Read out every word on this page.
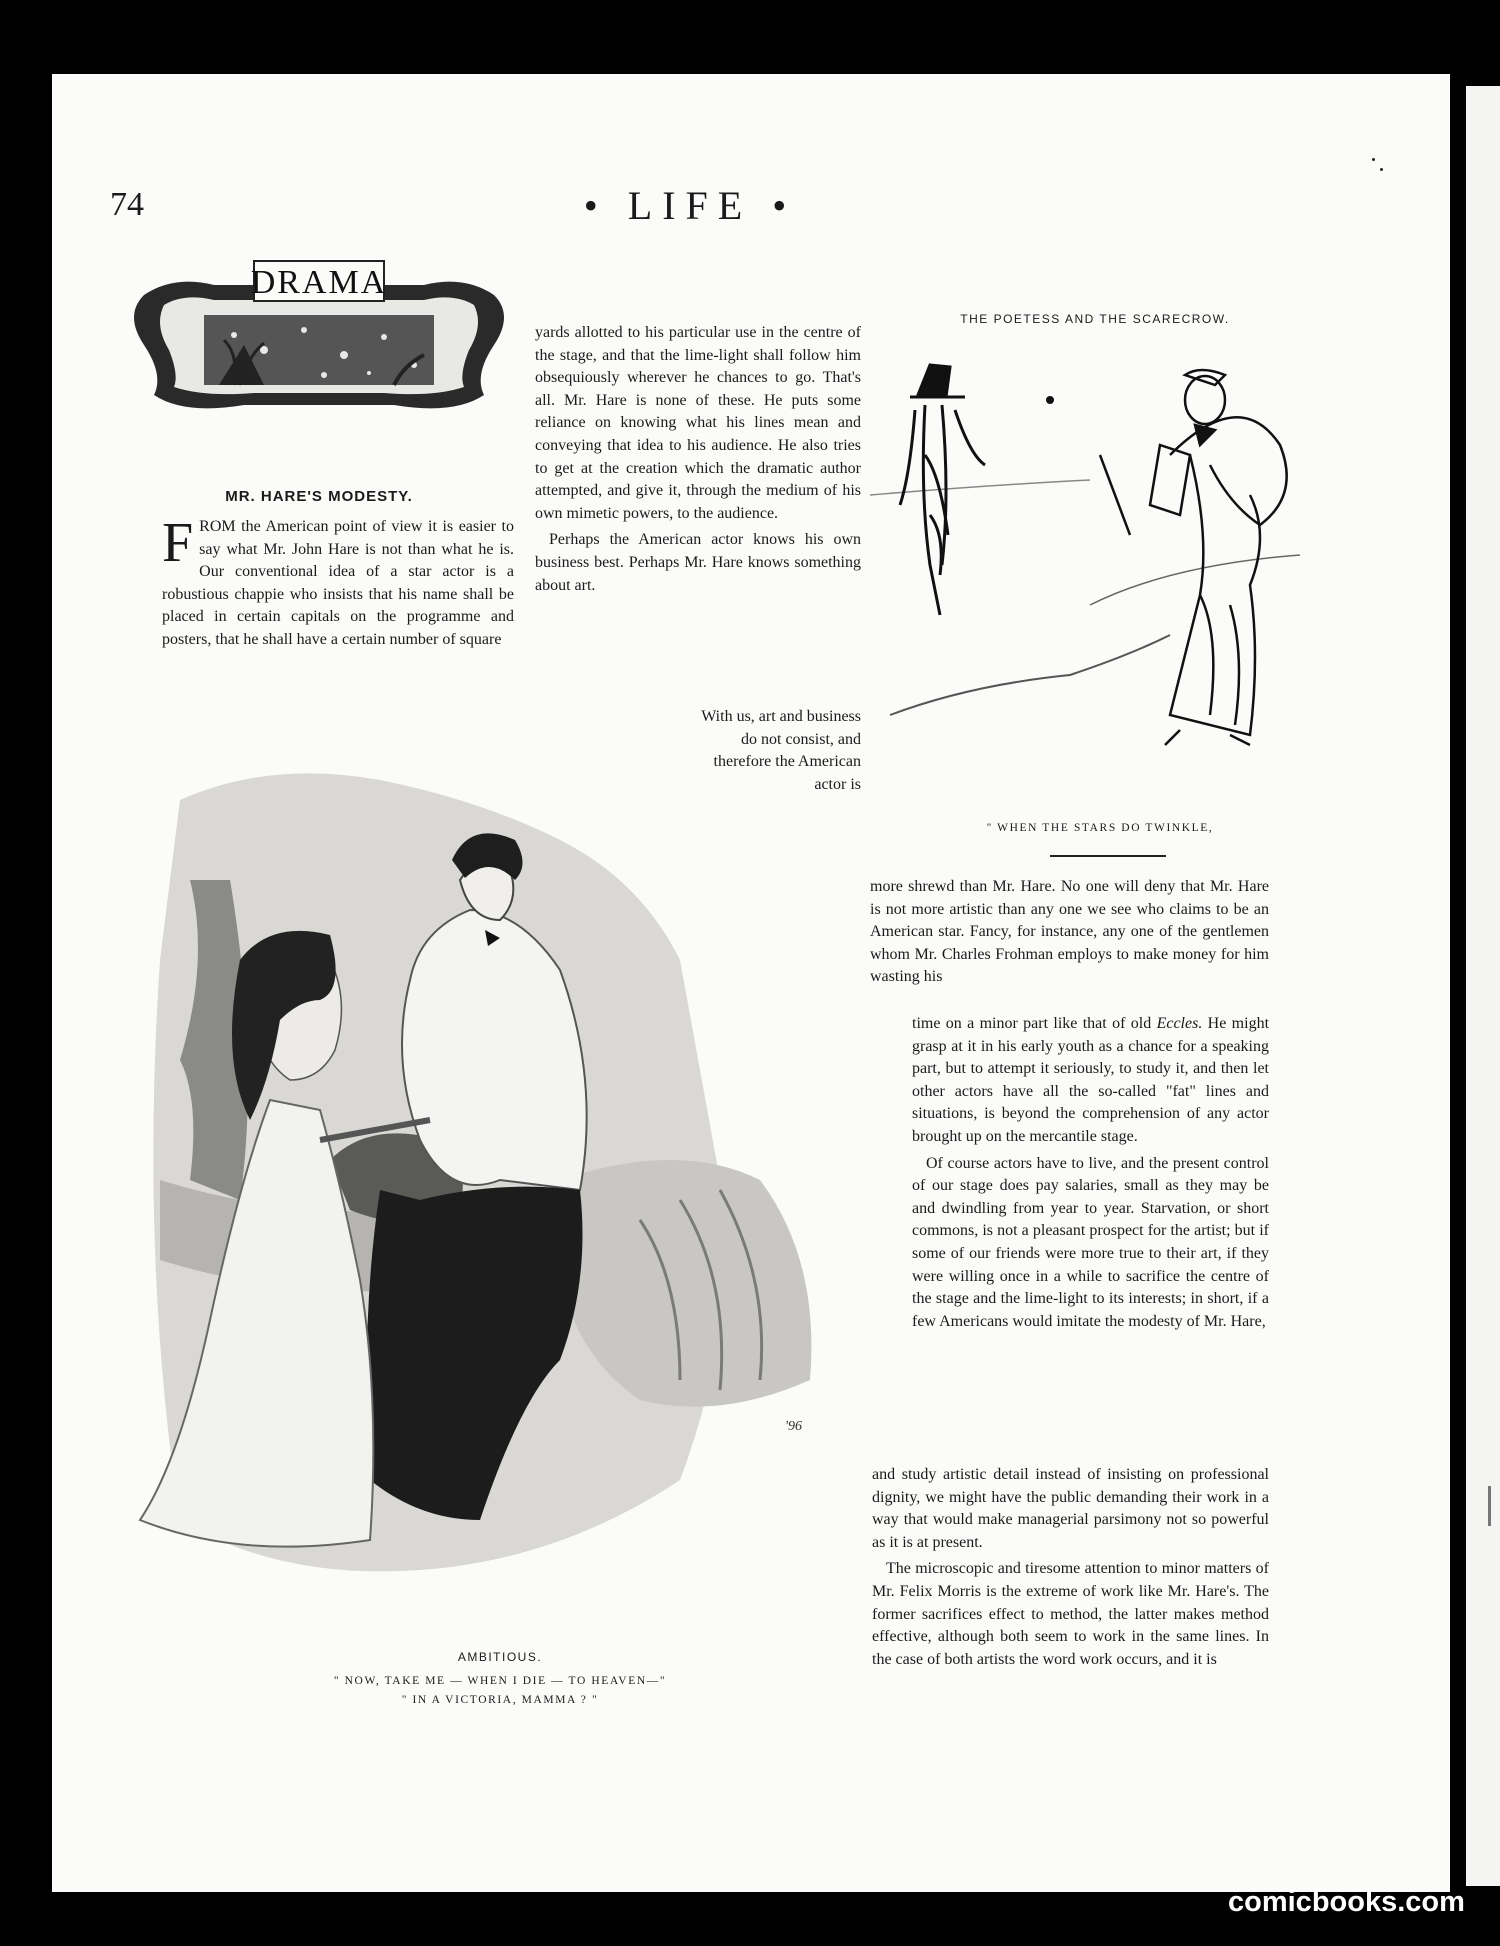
74	• LIFE •
DRAMA
MR. HARE'S MODESTY.

FROM the American point of view it is easier to say what Mr. John Hare is not than what he is. Our conventional idea of a star actor is a robustious chappie who insists that his name shall be placed in certain capitals on the programme and posters, that he shall have a certain number of square

yards allotted to his particular use in the centre of the stage, and that the lime-light shall follow him obsequiously wherever he chances to go. That's all. Mr. Hare is none of these. He puts some reliance on knowing what his lines mean and conveying that idea to his audience. He also tries to get at the creation which the dramatic author attempted, and give it, through the medium of his own mimetic powers, to the audience.

Perhaps the American actor knows his own business best. Perhaps Mr. Hare knows something about art.

With us, art and business do not consist, and therefore the American actor is

THE POETESS AND THE SCARECROW.
" WHEN THE STARS DO TWINKLE,

more shrewd than Mr. Hare. No one will deny that Mr. Hare is not more artistic than any one we see who claims to be an American star. Fancy, for instance, any one of the gentlemen whom Mr. Charles Frohman employs to make money for him wasting his

time on a minor part like that of old Eccles. He might grasp at it in his early youth as a chance for a speaking part, but to attempt it seriously, to study it, and then let other actors have all the so-called "fat" lines and situations, is beyond the comprehension of any actor brought up on the mercantile stage.

Of course actors have to live, and the present control of our stage does pay salaries, small as they may be and dwindling from year to year. Starvation, or short commons, is not a pleasant prospect for the artist; but if some of our friends were more true to their art, if they were willing once in a while to sacrifice the centre of the stage and the lime-light to its interests; in short, if a few Americans would imitate the modesty of Mr. Hare,

and study artistic detail instead of insisting on professional dignity, we might have the public demanding their work in a way that would make managerial parsimony not so powerful as it is at present.

The microscopic and tiresome attention to minor matters of Mr. Felix Morris is the extreme of work like Mr. Hare's. The former sacrifices effect to method, the latter makes method effective, although both seem to work in the same lines. In the case of both artists the word work occurs, and it is

'96
AMBITIOUS.
" NOW, TAKE ME — WHEN I DIE — TO HEAVEN—"
" IN A VICTORIA, MAMMA ? "
comicbooks.com
